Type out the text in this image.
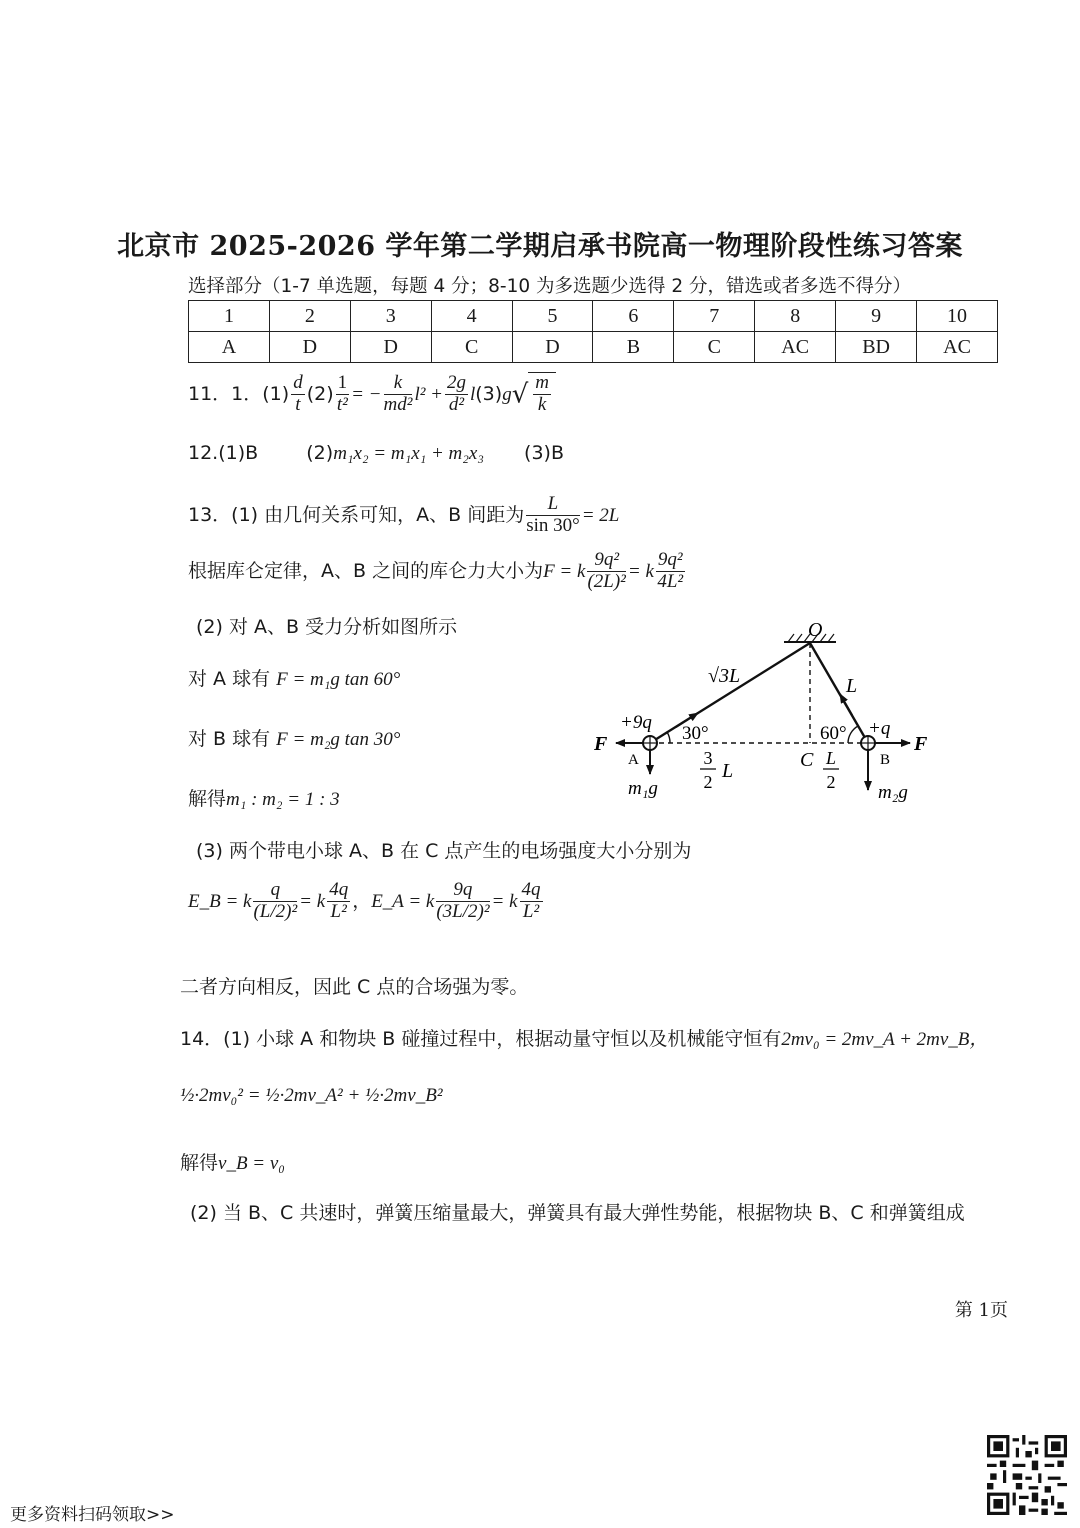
北京市 2025-2026 学年第二学期启承书院高一物理阶段性练习答案
选择部分（1-7 单选题，每题 4 分；8-10 为多选题少选得 2 分，错选或者多选不得分）
1	2	3	4	5	6	7	8	9	10
A	D	D	C	D	B	C	AC	BD	AC
11．1．$(1) \frac{d}{t} (2) \frac{1}{\text{t²}}$ = − $\frac{k}{\text{md²}} l^2 + \frac{2g}{\text{d²}} l(3)g√ \frac{m}{k}$
12.(1)B	(2)m₁x₂ = m₁x₁ + m₂x₃ (3)B
13．(1) 由几何关系可知，A、B 间距为 $\frac{L}{\sin 30^\circ} = 2L$
根据库仑定律，A、B 之间的库仑力大小为F = k $\frac{\text{9q²}}{\text{(2L)²}} = k \frac{\text{9q²}}{\text{4L²}}$
(2) 对 A、B 受力分析如图所示
对 A 球有 F = m₁g tan 60°
对 B 球有 F = m₂g tan 30°
解得m₁ : m₂ = 1 : 3
(3) 两个带电小球 A、B 在 C 点产生的电场强度大小分别为
E_B = k $\frac{q}{\text{(L/2)²}} = k \frac{4q}{\text{L²}}$ ，E_A = k $\frac{9q}{\text{(3L/2)²}} = k \frac{4q}{\text{L²}}$
二者方向相反，因此 C 点的合场强为零。
O
√3L	L
+9q	+q
30°	60°
F	F
A	B
C
3
2 L
L
2
m₁g	m₂g
14．(1) 小球 A 和物块 B 碰撞过程中，根据动量守恒以及机械能守恒有2mv₀ = 2mv_A + 2mv_B，
½·2mv₀² = ½·2mv_A² + ½·2mv_B²
解得v_B = v₀
(2) 当 B、C 共速时，弹簧压缩量最大，弹簧具有最大弹性势能，根据物块 B、C 和弹簧组成
第 1页
更多资料扫码领取>>
